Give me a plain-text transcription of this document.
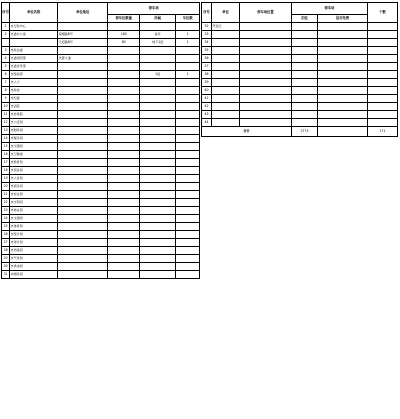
序号	单位名称	单位地址	停车场		
			停车位数量	所属	车位数
1	市行政中心				
2	市委办公室	观塘路8号	160	室外	1
		天府路8号	60	地下1层	1
3	市政法委				
4	市委组织部	洪都大道			
5	市委宣传部				
6	市统战部			1层	1
7	市人大				
8	市政协				
9	市纪委				
10	市法院				
11	市检察院				
12	市公安局				
13	市财政局				
14	市税务局				
15	市交通局				
16	市卫健委				
17	市教育局				
18	市民政局				
19	市人社局				
20	市商务局				
21	市农业局				
22	市水利局				
23	市林业局				
24	市文旅局				
25	市体育局				
26	市统计局				
27	市审计局				
28	市档案局				
29	市气象局				
30	市供电局				
31	市邮政局				
序号	单位	停车场位置	停车场		个数
			泊位	是否免费	
32	开发区				
33					
34					
35					
36					
37					
38					
39					
40					
41					
42					
43					
44					
合计			2773		171
